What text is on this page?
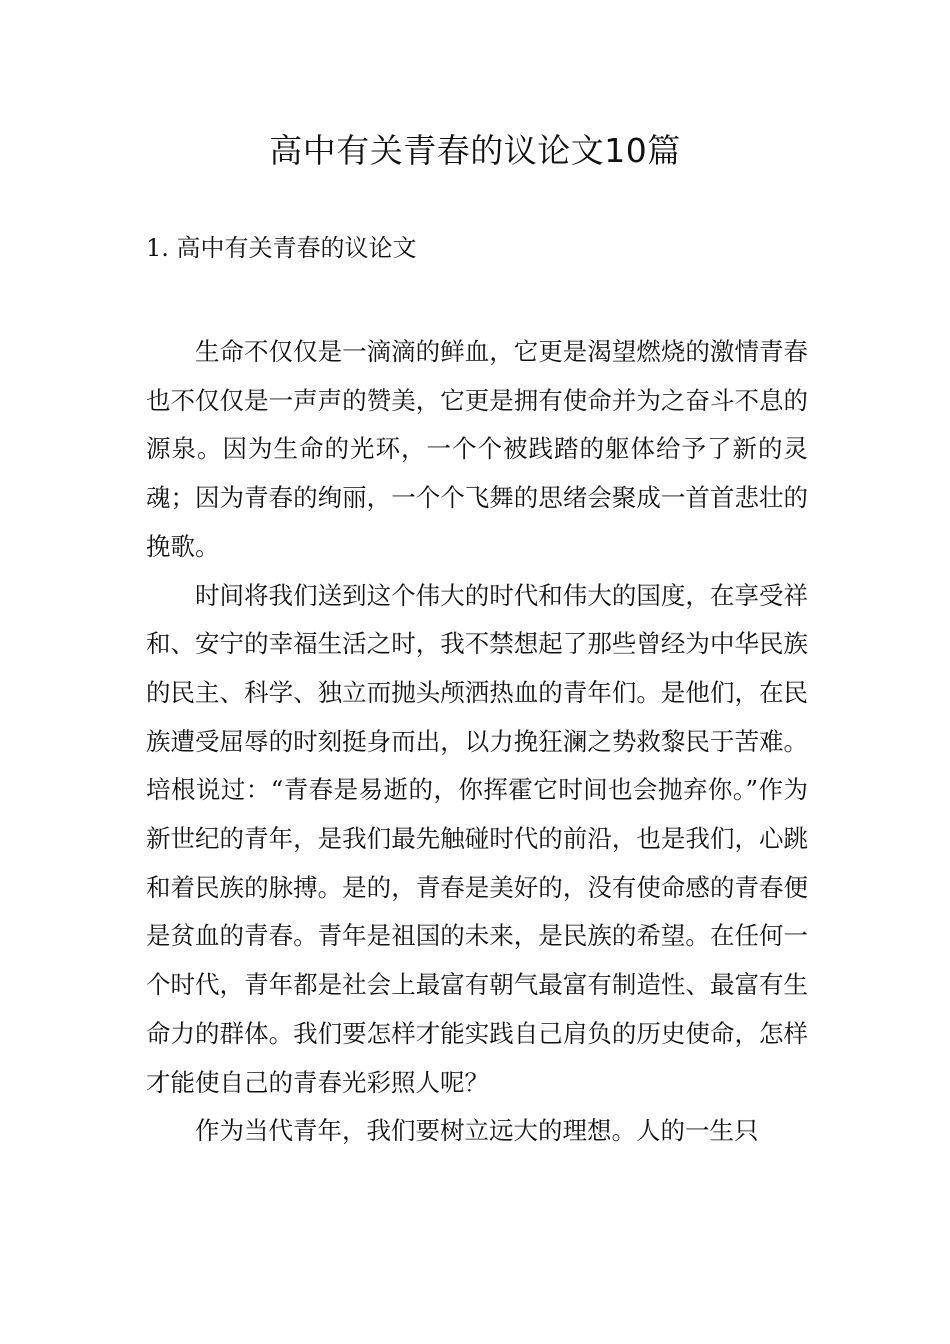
高中有关青春的议论文10篇
1. 高中有关青春的议论文

生命不仅仅是一滴滴的鲜血，它更是渴望燃烧的激情青春也不仅仅是一声声的赞美，它更是拥有使命并为之奋斗不息的源泉。因为生命的光环，一个个被践踏的躯体给予了新的灵魂；因为青春的绚丽，一个个飞舞的思绪会聚成一首首悲壮的挽歌。

时间将我们送到这个伟大的时代和伟大的国度，在享受祥和、安宁的幸福生活之时，我不禁想起了那些曾经为中华民族的民主、科学、独立而抛头颅洒热血的青年们。是他们，在民族遭受屈辱的时刻挺身而出，以力挽狂澜之势救黎民于苦难。培根说过：“青春是易逝的，你挥霍它时间也会抛弃你。”作为新世纪的青年，是我们最先触碰时代的前沿，也是我们，心跳和着民族的脉搏。是的，青春是美好的，没有使命感的青春便是贫血的青春。青年是祖国的未来，是民族的希望。在任何一个时代，青年都是社会上最富有朝气最富有制造性、最富有生命力的群体。我们要怎样才能实践自己肩负的历史使命，怎样才能使自己的青春光彩照人呢？

作为当代青年，我们要树立远大的理想。人的一生只
